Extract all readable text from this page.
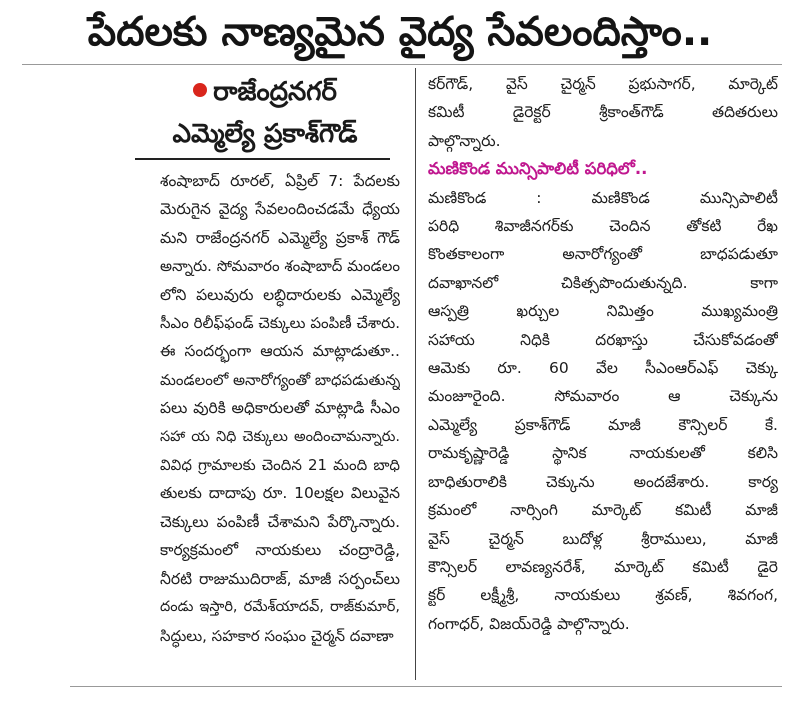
పేదలకు నాణ్యమైన వైద్య సేవలందిస్తాం..
రాజేంద్రనగర్
ఎమ్మెల్యే ప్రకాశ్‌గౌడ్
శంషాబాద్ రూరల్, ఏప్రిల్ 7: పేదలకు
మెరుగైన వైద్య సేవలందించడమే ధ్యేయ
మని రాజేంద్రనగర్ ఎమ్మెల్యే ప్రకాశ్ గౌడ్
అన్నారు. సోమవారం శంషాబాద్ మండలం
లోని పలువురు లబ్ధిదారులకు ఎమ్మెల్యే
సీఎం రిలీఫ్‌ఫండ్ చెక్కులు పంపిణీ చేశారు.
ఈ సందర్భంగా ఆయన మాట్లాడుతూ..
మండలంలో అనారోగ్యంతో బాధపడుతున్న
పలు వురికి అధికారులతో మాట్లాడి సీఎం
సహా య నిధి చెక్కులు అందించామన్నారు.
వివిధ గ్రామాలకు చెందిన 21 మంది బాధి
తులకు దాదాపు రూ. 10లక్షల విలువైన
చెక్కులు పంపిణీ చేశామని పేర్కొన్నారు.
కార్యక్రమంలో నాయకులు చంద్రారెడ్డి,
నీరటి రాజుముదిరాజ్, మాజీ సర్పంచ్‌లు
దండు ఇస్తారి, రమేశ్‌యాదవ్, రాజ్‌కుమార్,
సిద్ధులు, సహకార సంఘం చైర్మన్ దవాణా
కర్‌గౌడ్, వైస్ చైర్మన్ ప్రభుసాగర్, మార్కెట్
కమిటీ డైరెక్టర్ శ్రీకాంత్‌గౌడ్ తదితరులు
పాల్గొన్నారు.
మణికొండ మున్సిపాలిటీ పరిధిలో..
మణికొండ : మణికొండ మున్సిపాలిటీ
పరిధి శివాజీనగర్‌కు చెందిన తోకటి రేఖ
కొంతకాలంగా అనారోగ్యంతో బాధపడుతూ
దవాఖానలో చికిత్సపొందుతున్నది. కాగా
ఆస్పత్రి ఖర్చుల నిమిత్తం ముఖ్యమంత్రి
సహాయ నిధికి దరఖాస్తు చేసుకోవడంతో
ఆమెకు రూ. 60 వేల సీఎంఆర్‌ఎఫ్ చెక్కు
మంజూరైంది. సోమవారం ఆ చెక్కును
ఎమ్మెల్యే ప్రకాశ్‌గౌడ్ మాజీ కౌన్సిలర్ కే.
రామకృష్ణారెడ్డి స్థానిక నాయకులతో కలిసి
బాధితురాలికి చెక్కును అందజేశారు. కార్య
క్రమంలో నార్సింగి మార్కెట్ కమిటీ మాజీ
వైస్ చైర్మన్ బుదోళ్ల శ్రీరాములు, మాజీ
కౌన్సిలర్ లావణ్యనరేశ్, మార్కెట్ కమిటీ డైరె
క్టర్ లక్ష్మీశ్రీ, నాయకులు శ్రవణ్, శివగంగ,
గంగాధర్, విజయ్‌రెడ్డి పాల్గొన్నారు.
